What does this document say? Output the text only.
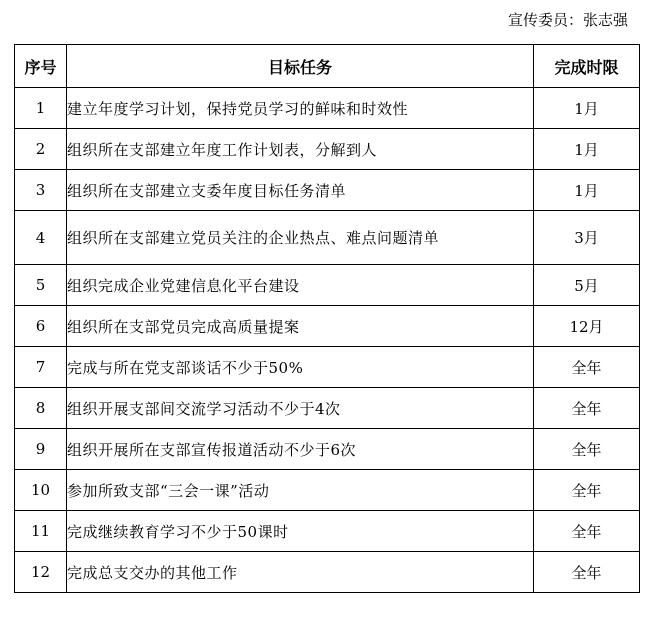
宣传委员：张志强
序号	目标任务	完成时限
1	建立年度学习计划，保持党员学习的鲜味和时效性	1月
2	组织所在支部建立年度工作计划表，分解到人	1月
3	组织所在支部建立支委年度目标任务清单	1月
4	组织所在支部建立党员关注的企业热点、难点问题清单	3月
5	组织完成企业党建信息化平台建设	5月
6	组织所在支部党员完成高质量提案	12月
7	完成与所在党支部谈话不少于50%	全年
8	组织开展支部间交流学习活动不少于4次	全年
9	组织开展所在支部宣传报道活动不少于6次	全年
10	参加所致支部“三会一课”活动	全年
11	完成继续教育学习不少于50课时	全年
12	完成总支交办的其他工作	全年
